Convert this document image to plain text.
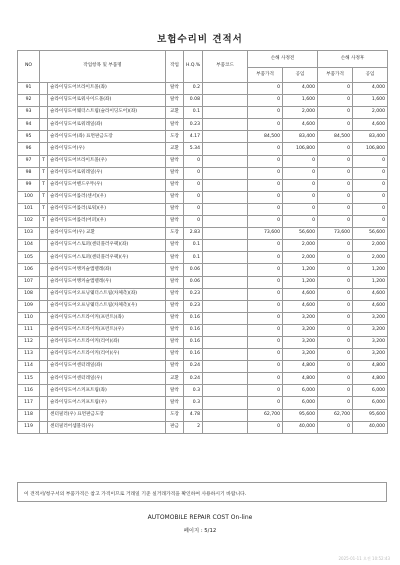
보험수리비 견적서
NO	작업항목 및 부품명		작업	H.Q.%	부품코드	손해 사정전		손해 사정후	
						부품가격	공임	부품가격	공임
91		슬라이딩도어브라이트몰(좌)	탈착	0.2		0	4,000	0	4,000
92		슬라이딩도어로워사이드몰(좌)	탈착	0.08		0	1,600	0	1,600
93		슬라이딩도어웨더스트립(슬라이딩도어)(좌)	교환	0.1		0	2,000	0	2,000
94		슬라이딩도어로워레일(좌)	탈착	0.23		0	4,600	0	4,600
95		슬라이딩도어(좌) 표면판금도장	도장	4.17		84,500	83,400	84,500	83,400
96		슬라이딩도어(우)	교환	5.34		0	106,800	0	106,800
97	T	슬라이딩도어브라이트몰(우)	탈착	0		0	0	0	0
98	T	슬라이딩도어로워레일(우)	탈착	0		0	0	0	0
99	T	슬라이딩도어핸드우뚜(우)	탈착	0		0	0	0	0
100	T	슬라이딩도어롤러(센서)(우)	탈착	0		0	0	0	0
101	T	슬라이딩도어롤러(로워)(우)	탈착	0		0	0	0	0
102	T	슬라이딩도어롤러(어퍼)(우)	탈착	0		0	0	0	0
103		슬라이딩도어(우) 교환	도장	2.83		73,600	56,600	73,600	56,600
104		슬라이딩도어스토퍼(센터플러우팩)(좌)	탈착	0.1		0	2,000	0	2,000
105		슬라이딩도어스토퍼(센터플러우팩)(우)	탈착	0.1		0	2,000	0	2,000
106		슬라이딩도어앵커슬앱렐레(좌)	탈착	0.06		0	1,200	0	1,200
107		슬라이딩도어앵커슬앱렐레(우)	탈착	0.06		0	1,200	0	1,200
108		슬라이딩도어오프닝웨더스트립(차체측)(좌)	탈착	0.23		0	4,600	0	4,600
109		슬라이딩도어오프닝웨더스트립(차체측)(우)	탈착	0.23		0	4,600	0	4,600
110		슬라이딩도어스트라이커(프런트)(좌)	탈착	0.16		0	3,200	0	3,200
111		슬라이딩도어스트라이커(프런트)(우)	탈착	0.16		0	3,200	0	3,200
112		슬라이딩도어스트라이커(리어)(좌)	탈착	0.16		0	3,200	0	3,200
113		슬라이딩도어스트라이커(리어)(우)	탈착	0.16		0	3,200	0	3,200
114		슬라이딩도어센터레일(좌)	탈착	0.24		0	4,800	0	4,800
115		슬라이딩도어센터레일(우)	교환	0.24		0	4,800	0	4,800
116		슬라이딩도어스커프트림(좌)	탈착	0.3		0	6,000	0	6,000
117		슬라이딩도어스커프트림(우)	탈착	0.3		0	6,000	0	6,000
118		센터필러(우) 표면판금도장	도장	4.78		62,700	95,600	62,700	95,600
119		센터필러어셈블리(우)	판금	2		0	40,000	0	40,000
이 견적서/청구서의 부품가격은 참고 가격이므로 거래일 기준 실거래가격을 확인하여 사용하시기 바랍니다.
AUTOMOBILE REPAIR COST On-line
페이지 : 5/12
2025-01-11 오전 10:52:43
